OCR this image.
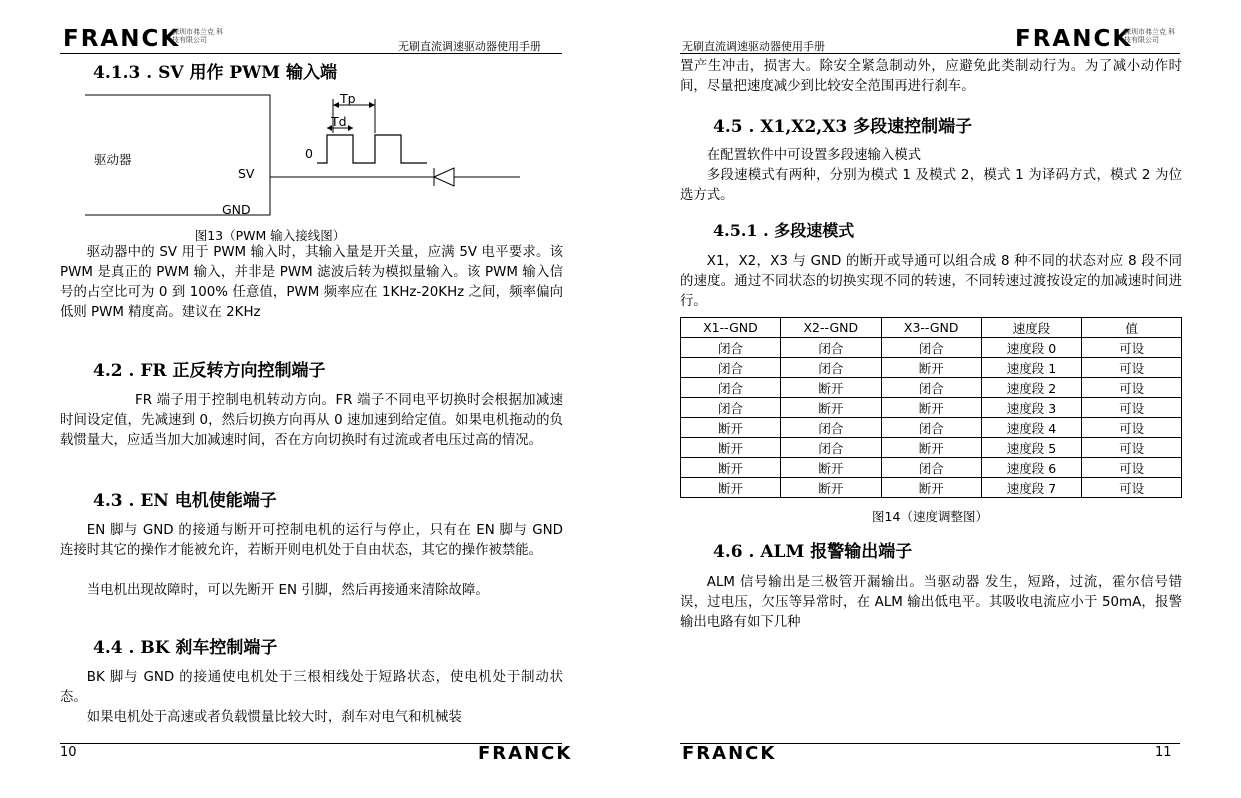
FRANCK
深圳市弗兰克 科技有限公司	无刷直流调速驱动器使用手册	无刷直流调速驱动器使用手册	FRANCK
深圳市弗兰克 科技有限公司
4.1.3 . SV 用作 PWM 输入端
Tp
Td
0
驱动器
SV
GND
图13（PWM 输入接线图）
驱动器中的 SV 用于 PWM 输入时，其输入量是开关量，应满 5V 电平要求。该 PWM 是真正的 PWM 输入，并非是 PWM 滤波后转为模拟量输入。该 PWM 输入信号的占空比可为 0 到 100% 任意值，PWM 频率应在 1KHz-20KHz 之间，频率偏向低则 PWM 精度高。建议在 2KHz
4.2 . FR 正反转方向控制端子
FR 端子用于控制电机转动方向。FR 端子不同电平切换时会根据加减速时间设定值，先减速到 0，然后切换方向再从 0 速加速到给定值。如果电机拖动的负载惯量大，应适当加大加减速时间，否在方向切换时有过流或者电压过高的情况。
4.3 . EN 电机使能端子
EN 脚与 GND 的接通与断开可控制电机的运行与停止，只有在 EN 脚与 GND 连接时其它的操作才能被允许，若断开则电机处于自由状态，其它的操作被禁能。
当电机出现故障时，可以先断开 EN 引脚，然后再接通来清除故障。
4.4 . BK 刹车控制端子
BK 脚与 GND 的接通使电机处于三根相线处于短路状态，使电机处于制动状态。
如果电机处于高速或者负载惯量比较大时，刹车对电气和机械装
置产生冲击，损害大。除安全紧急制动外，应避免此类制动行为。为了减小动作时间，尽量把速度减少到比较安全范围再进行刹车。
4.5 . X1,X2,X3 多段速控制端子
在配置软件中可设置多段速输入模式
多段速模式有两种，分别为模式 1 及模式 2，模式 1 为译码方式，模式 2 为位选方式。
4.5.1 . 多段速模式
X1，X2，X3 与 GND 的断开或导通可以组合成 8 种不同的状态对应 8 段不同的速度。通过不同状态的切换实现不同的转速，不同转速过渡按设定的加减速时间进行。
X1--GND	X2--GND	X3--GND	速度段	值
闭合	闭合	闭合	速度段 0	可设
闭合	闭合	断开	速度段 1	可设
闭合	断开	闭合	速度段 2	可设
闭合	断开	断开	速度段 3	可设
断开	闭合	闭合	速度段 4	可设
断开	闭合	断开	速度段 5	可设
断开	断开	闭合	速度段 6	可设
断开	断开	断开	速度段 7	可设
图14（速度调整图）
4.6 . ALM 报警输出端子
ALM 信号输出是三极管开漏输出。当驱动器 发生，短路，过流，霍尔信号错误，过电压，欠压等异常时，在 ALM 输出低电平。其吸收电流应小于 50mA，报警输出电路有如下几种
10	FRANCK	FRANCK	11
